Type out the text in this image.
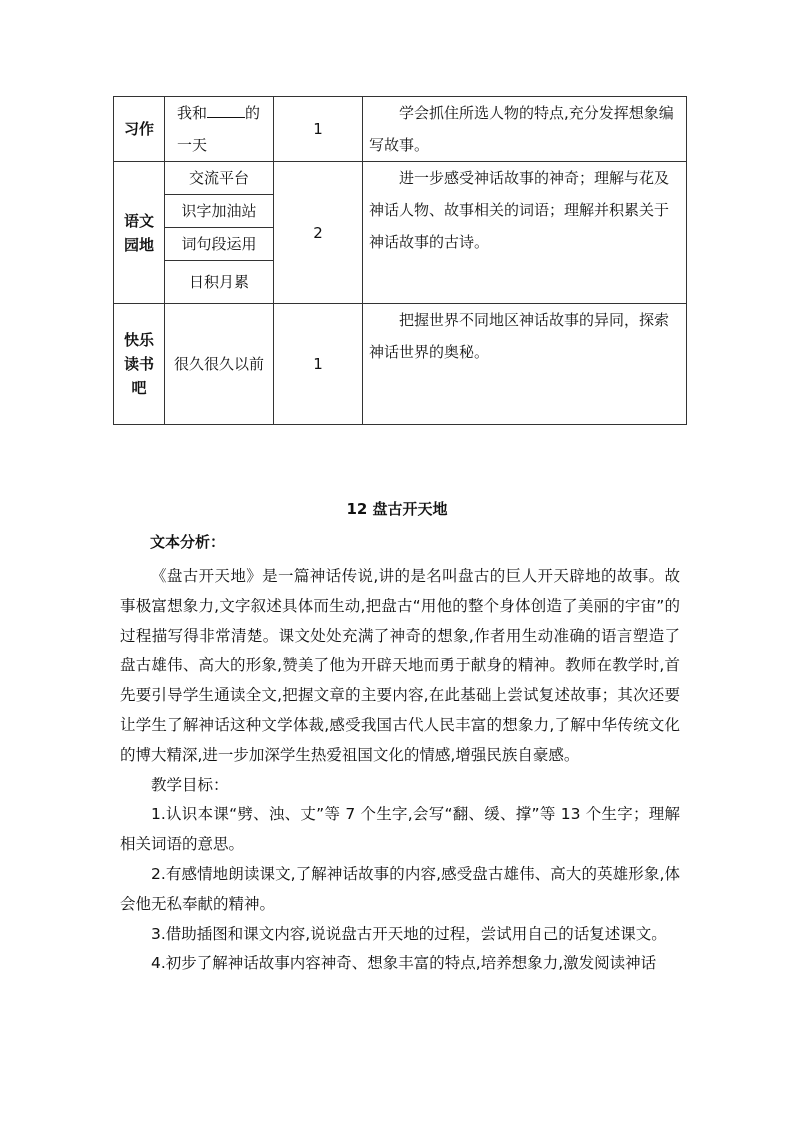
习作	我和 的一天	1	学会抓住所选人物的特点,充分发挥想象编写故事。

语文园地	交流平台	2	进一步感受神话故事的神奇；理解与花及神话人物、故事相关的词语；理解并积累关于神话故事的古诗。

	识字加油站		
	词句段运用		
	日积月累		

快乐读书吧	很久很久以前	1	把握世界不同地区神话故事的异同，探索神话世界的奥秘。

12 盘古开天地
文本分析：

《盘古开天地》是一篇神话传说,讲的是名叫盘古的巨人开天辟地的故事。故事极富想象力,文字叙述具体而生动,把盘古“用他的整个身体创造了美丽的宇宙”的过程描写得非常清楚。课文处处充满了神奇的想象,作者用生动准确的语言塑造了盘古雄伟、高大的形象,赞美了他为开辟天地而勇于献身的精神。教师在教学时,首先要引导学生通读全文,把握文章的主要内容,在此基础上尝试复述故事；其次还要让学生了解神话这种文学体裁,感受我国古代人民丰富的想象力,了解中华传统文化的博大精深,进一步加深学生热爱祖国文化的情感,增强民族自豪感。

教学目标：

1.认识本课“劈、浊、丈”等 7 个生字,会写“翻、缓、撑”等 13 个生字；理解相关词语的意思。

2.有感情地朗读课文,了解神话故事的内容,感受盘古雄伟、高大的英雄形象,体会他无私奉献的精神。

3.借助插图和课文内容,说说盘古开天地的过程，尝试用自己的话复述课文。

4.初步了解神话故事内容神奇、想象丰富的特点,培养想象力,激发阅读神话
